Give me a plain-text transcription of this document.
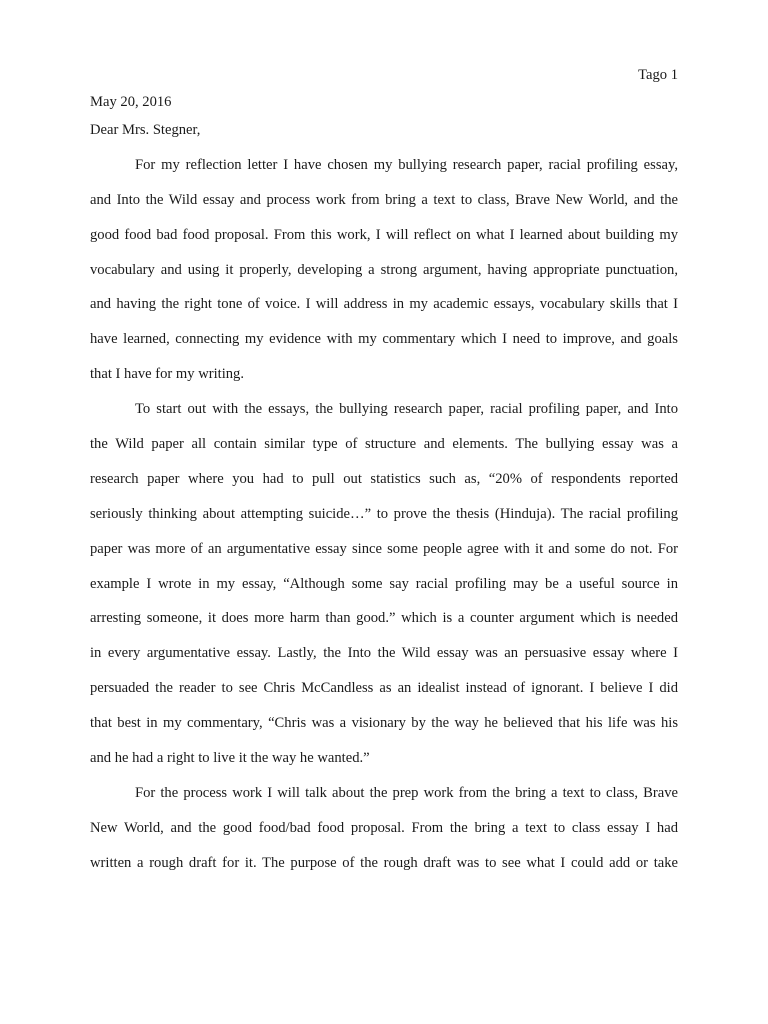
Tago 1
May 20, 2016
Dear Mrs. Stegner,
For my reflection letter I have chosen my bullying research paper, racial profiling essay,
and Into the Wild essay and process work from bring a text to class, Brave New World, and the
good food bad food proposal. From this work, I will reflect on what I learned about building my
vocabulary and using it properly, developing a strong argument, having appropriate punctuation,
and having the right tone of voice. I will address in my academic essays, vocabulary skills that I
have learned, connecting my evidence with my commentary which I need to improve, and goals
that I have for my writing.
To start out with the essays, the bullying research paper, racial profiling paper, and Into
the Wild paper all contain similar type of structure and elements. The bullying essay was a
research paper where you had to pull out statistics such as, “20% of respondents reported
seriously thinking about attempting suicide…” to prove the thesis (Hinduja). The racial profiling
paper was more of an argumentative essay since some people agree with it and some do not. For
example I wrote in my essay, “Although some say racial profiling may be a useful source in
arresting someone, it does more harm than good.” which is a counter argument which is needed
in every argumentative essay. Lastly, the Into the Wild essay was an persuasive essay where I
persuaded the reader to see Chris McCandless as an idealist instead of ignorant. I believe I did
that best in my commentary, “Chris was a visionary by the way he believed that his life was his
and he had a right to live it the way he wanted.”
For the process work I will talk about the prep work from the bring a text to class, Brave
New World, and the good food/bad food proposal. From the bring a text to class essay I had
written a rough draft for it. The purpose of the rough draft was to see what I could add or take
